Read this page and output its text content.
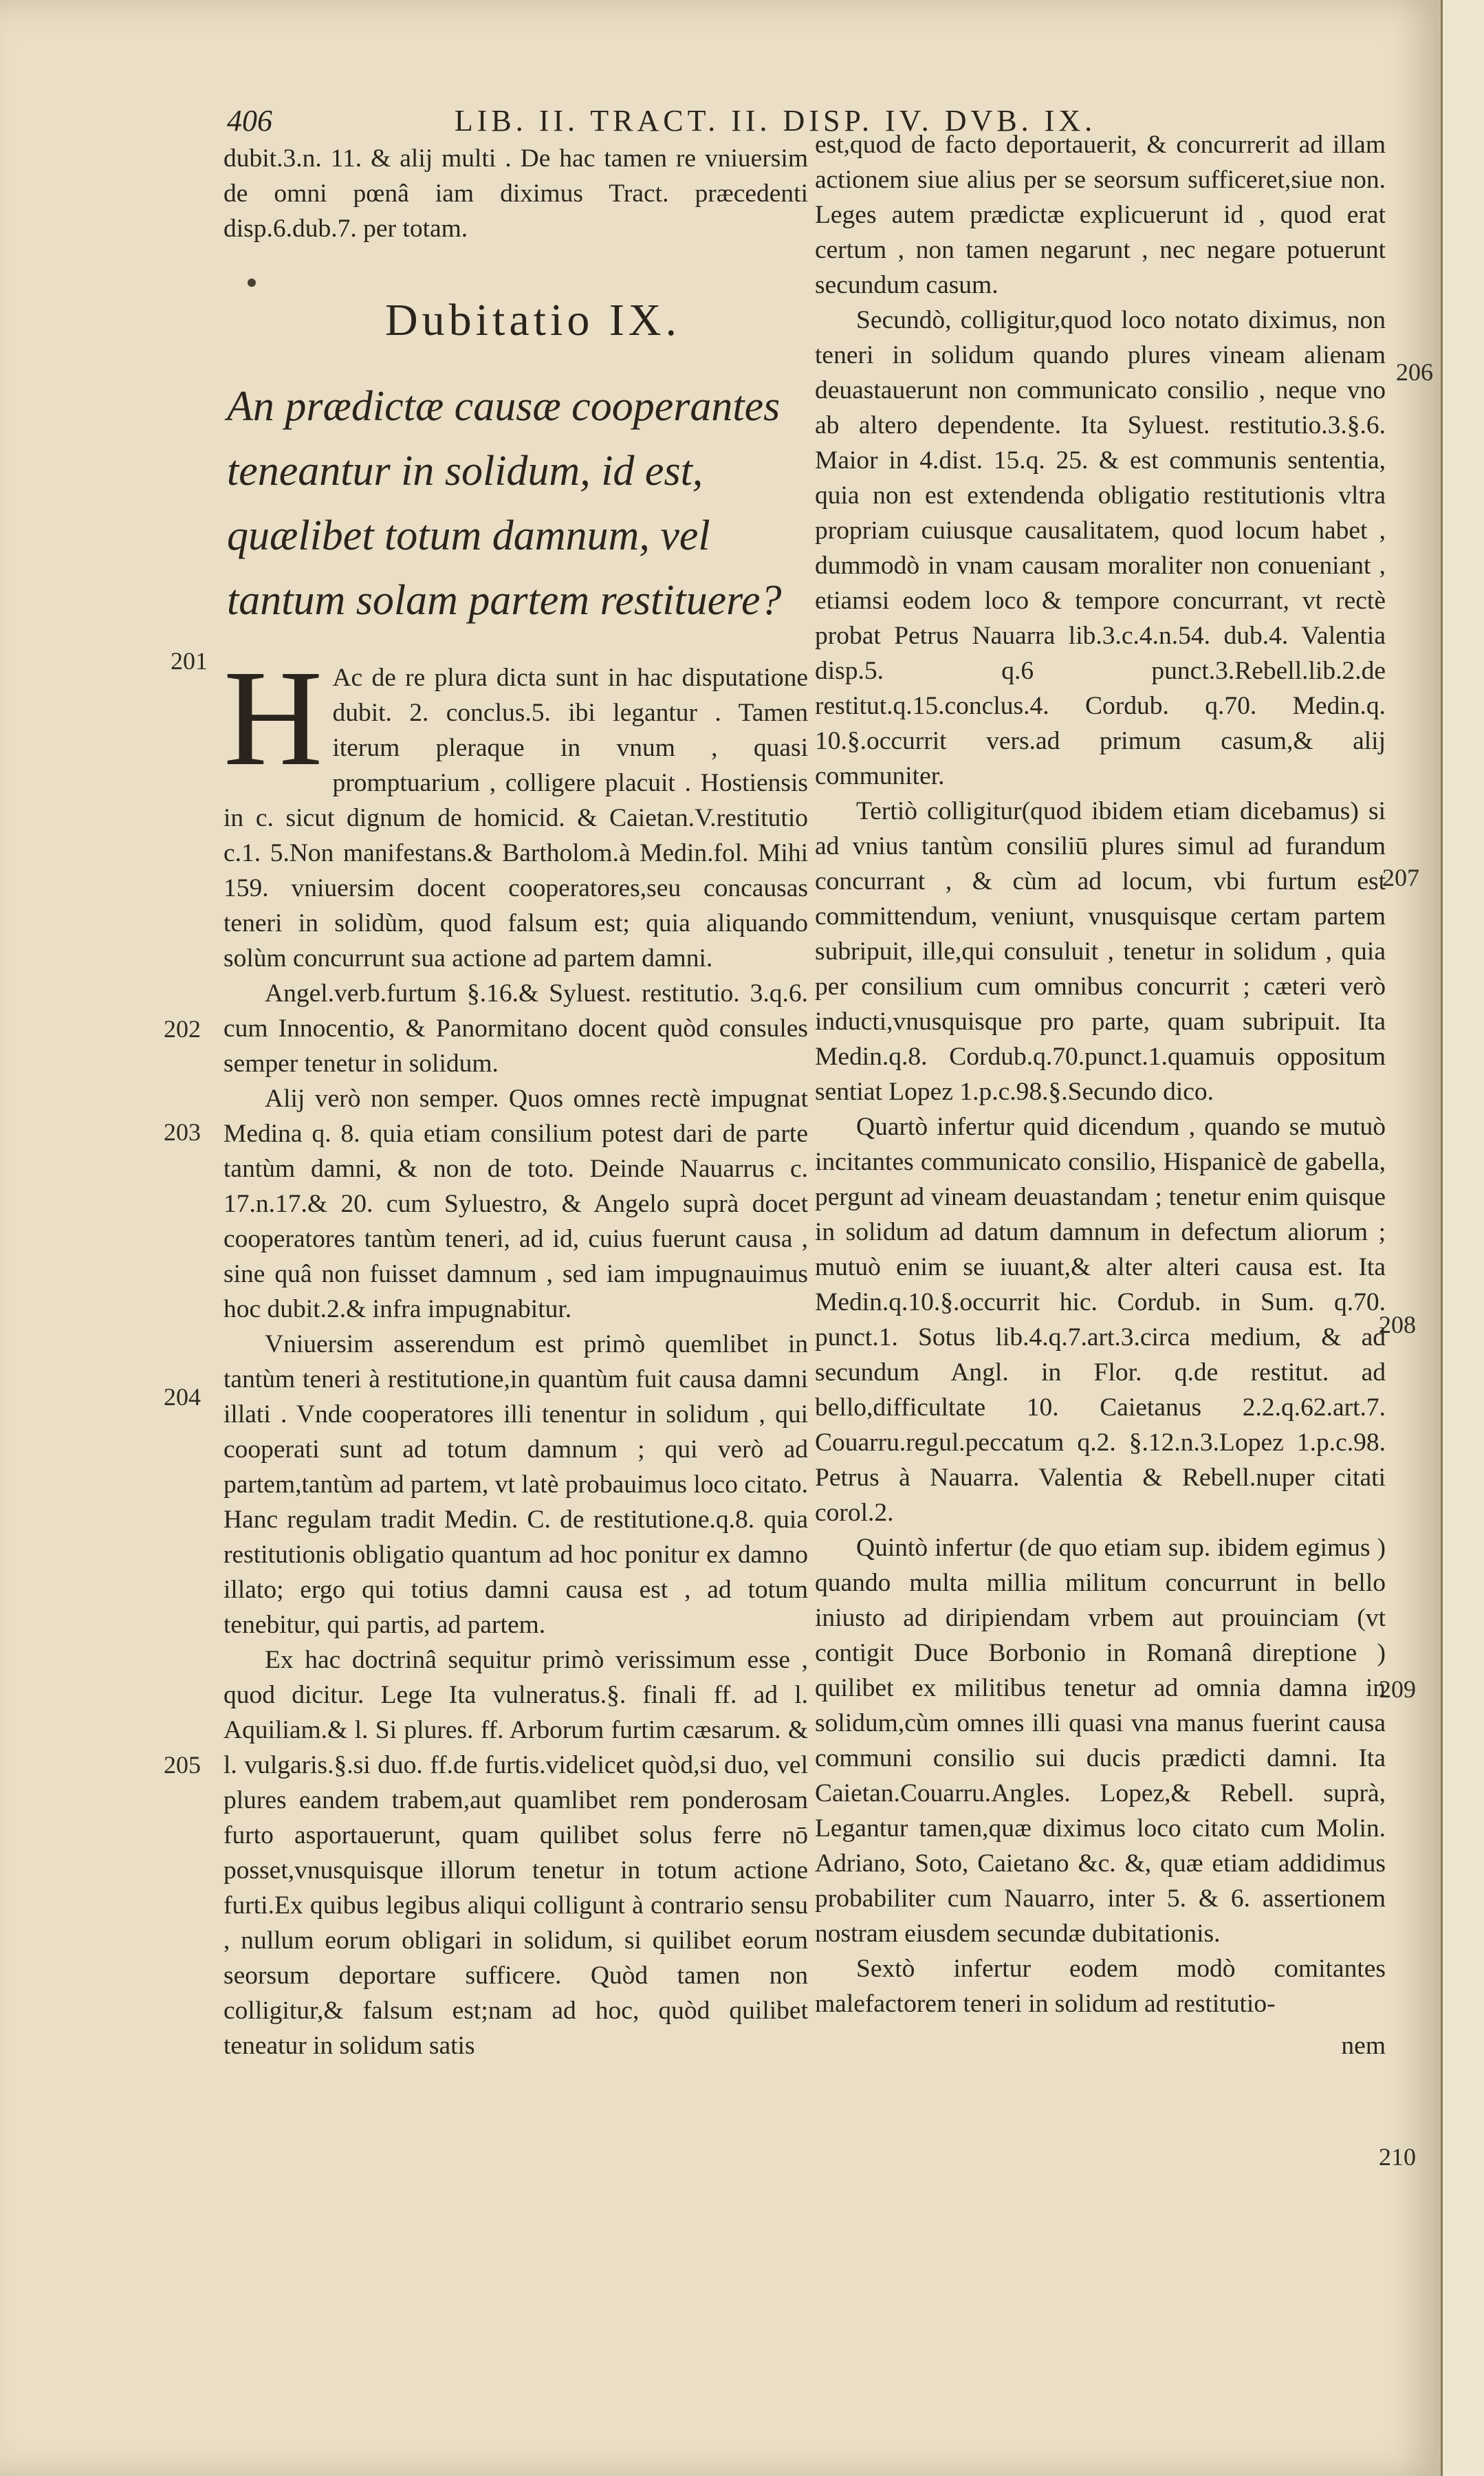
406	LIB. II. TRACT. II. DISP. IV. DVB. IX.

dubit.3.n. 11. & alij multi . De hac tamen re vniuersim de omni pœnâ iam diximus Tract. præcedenti disp.6.dub.7. per totam.

Dubitatio IX.
An prædictæ causæ cooperantes teneantur in solidum, id est, quælibet totum damnum, vel tantum solam partem restituere?

H Ac de re plura dicta sunt in hac disputatione dubit. 2. conclus.5. ibi legantur . Tamen iterum pleraque in vnum , quasi promptuarium , colligere placuit . Hostiensis in c. sicut dignum de homicid. & Caietan.V.restitutio c.1. 5.Non manifestans.& Bartholom.à Medin.fol. Mihi 159. vniuersim docent cooperatores,seu concausas teneri in solidùm, quod falsum est; quia aliquando solùm concurrunt sua actione ad partem damni.

Angel.verb.furtum §.16.& Syluest. restitutio. 3.q.6. cum Innocentio, & Panormitano docent quòd consules semper tenetur in solidum.

Alij verò non semper. Quos omnes rectè impugnat Medina q. 8. quia etiam consilium potest dari de parte tantùm damni, & non de toto. Deinde Nauarrus c. 17.n.17.& 20. cum Syluestro, & Angelo suprà docet cooperatores tantùm teneri, ad id, cuius fuerunt causa , sine quâ non fuisset damnum , sed iam impugnauimus hoc dubit.2.& infra impugnabitur.

Vniuersim asserendum est primò quemlibet in tantùm teneri à restitutione,in quantùm fuit causa damni illati . Vnde cooperatores illi tenentur in solidum , qui cooperati sunt ad totum damnum ; qui verò ad partem,tantùm ad partem, vt latè probauimus loco citato. Hanc regulam tradit Medin. C. de restitutione.q.8. quia restitutionis obligatio quantum ad hoc ponitur ex damno illato; ergo qui totius damni causa est , ad totum tenebitur, qui partis, ad partem.

Ex hac doctrinâ sequitur primò verissimum esse , quod dicitur. Lege Ita vulneratus.§. finali ff. ad l. Aquiliam.& l. Si plures. ff. Arborum furtim cæsarum. & l. vulgaris.§.si duo. ff.de furtis.videlicet quòd,si duo, vel plures eandem trabem,aut quamlibet rem ponderosam furto asportauerunt, quam quilibet solus ferre nō posset,vnusquisque illorum tenetur in totum actione furti.Ex quibus legibus aliqui colligunt à contrario sensu , nullum eorum obligari in solidum, si quilibet eorum seorsum deportare sufficere. Quòd tamen non colligitur,& falsum est;nam ad hoc, quòd quilibet teneatur in solidum satis

est,quod de facto deportauerit, & concurrerit ad illam actionem siue alius per se seorsum sufficeret,siue non. Leges autem prædictæ explicuerunt id , quod erat certum , non tamen negarunt , nec negare potuerunt secundum casum.

Secundò, colligitur,quod loco notato diximus, non teneri in solidum quando plures vineam alienam deuastauerunt non communicato consilio , neque vno ab altero dependente. Ita Syluest. restitutio.3.§.6. Maior in 4.dist. 15.q. 25. & est communis sententia, quia non est extendenda obligatio restitutionis vltra propriam cuiusque causalitatem, quod locum habet , dummodò in vnam causam moraliter non conueniant , etiamsi eodem loco & tempore concurrant, vt rectè probat Petrus Nauarra lib.3.c.4.n.54. dub.4. Valentia disp.5. q.6 punct.3.Rebell.lib.2.de restitut.q.15.conclus.4. Cordub. q.70. Medin.q. 10.§.occurrit vers.ad primum casum,& alij communiter.

Tertiò colligitur(quod ibidem etiam dicebamus) si ad vnius tantùm consiliū plures simul ad furandum concurrant , & cùm ad locum, vbi furtum est committendum, veniunt, vnusquisque certam partem subripuit, ille,qui consuluit , tenetur in solidum , quia per consilium cum omnibus concurrit ; cæteri verò inducti,vnusquisque pro parte, quam subripuit. Ita Medin.q.8. Cordub.q.70.punct.1.quamuis oppositum sentiat Lopez 1.p.c.98.§.Secundo dico.

Quartò infertur quid dicendum , quando se mutuò incitantes communicato consilio, Hispanicè de gabella, pergunt ad vineam deuastandam ; tenetur enim quisque in solidum ad datum damnum in defectum aliorum ; mutuò enim se iuuant,& alter alteri causa est. Ita Medin.q.10.§.occurrit hic. Cordub. in Sum. q.70. punct.1. Sotus lib.4.q.7.art.3.circa medium, & ad secundum Angl. in Flor. q.de restitut. ad bello,difficultate 10. Caietanus 2.2.q.62.art.7. Couarru.regul.peccatum q.2. §.12.n.3.Lopez 1.p.c.98. Petrus à Nauarra. Valentia & Rebell.nuper citati corol.2.

Quintò infertur (de quo etiam sup. ibidem egimus ) quando multa millia militum concurrunt in bello iniusto ad diripiendam vrbem aut prouinciam (vt contigit Duce Borbonio in Romanâ direptione ) quilibet ex militibus tenetur ad omnia damna in solidum,cùm omnes illi quasi vna manus fuerint causa communi consilio sui ducis prædicti damni. Ita Caietan.Couarru.Angles. Lopez,& Rebell. suprà, Legantur tamen,quæ diximus loco citato cum Molin. Adriano, Soto, Caietano &c. &, quæ etiam addidimus probabiliter cum Nauarro, inter 5. & 6. assertionem nostram eiusdem secundæ dubitationis.

Sextò infertur eodem modò comitantes malefactorem teneri in solidum ad restitutio-

nem
201
202
203
204
205
206
207
208
209
210
